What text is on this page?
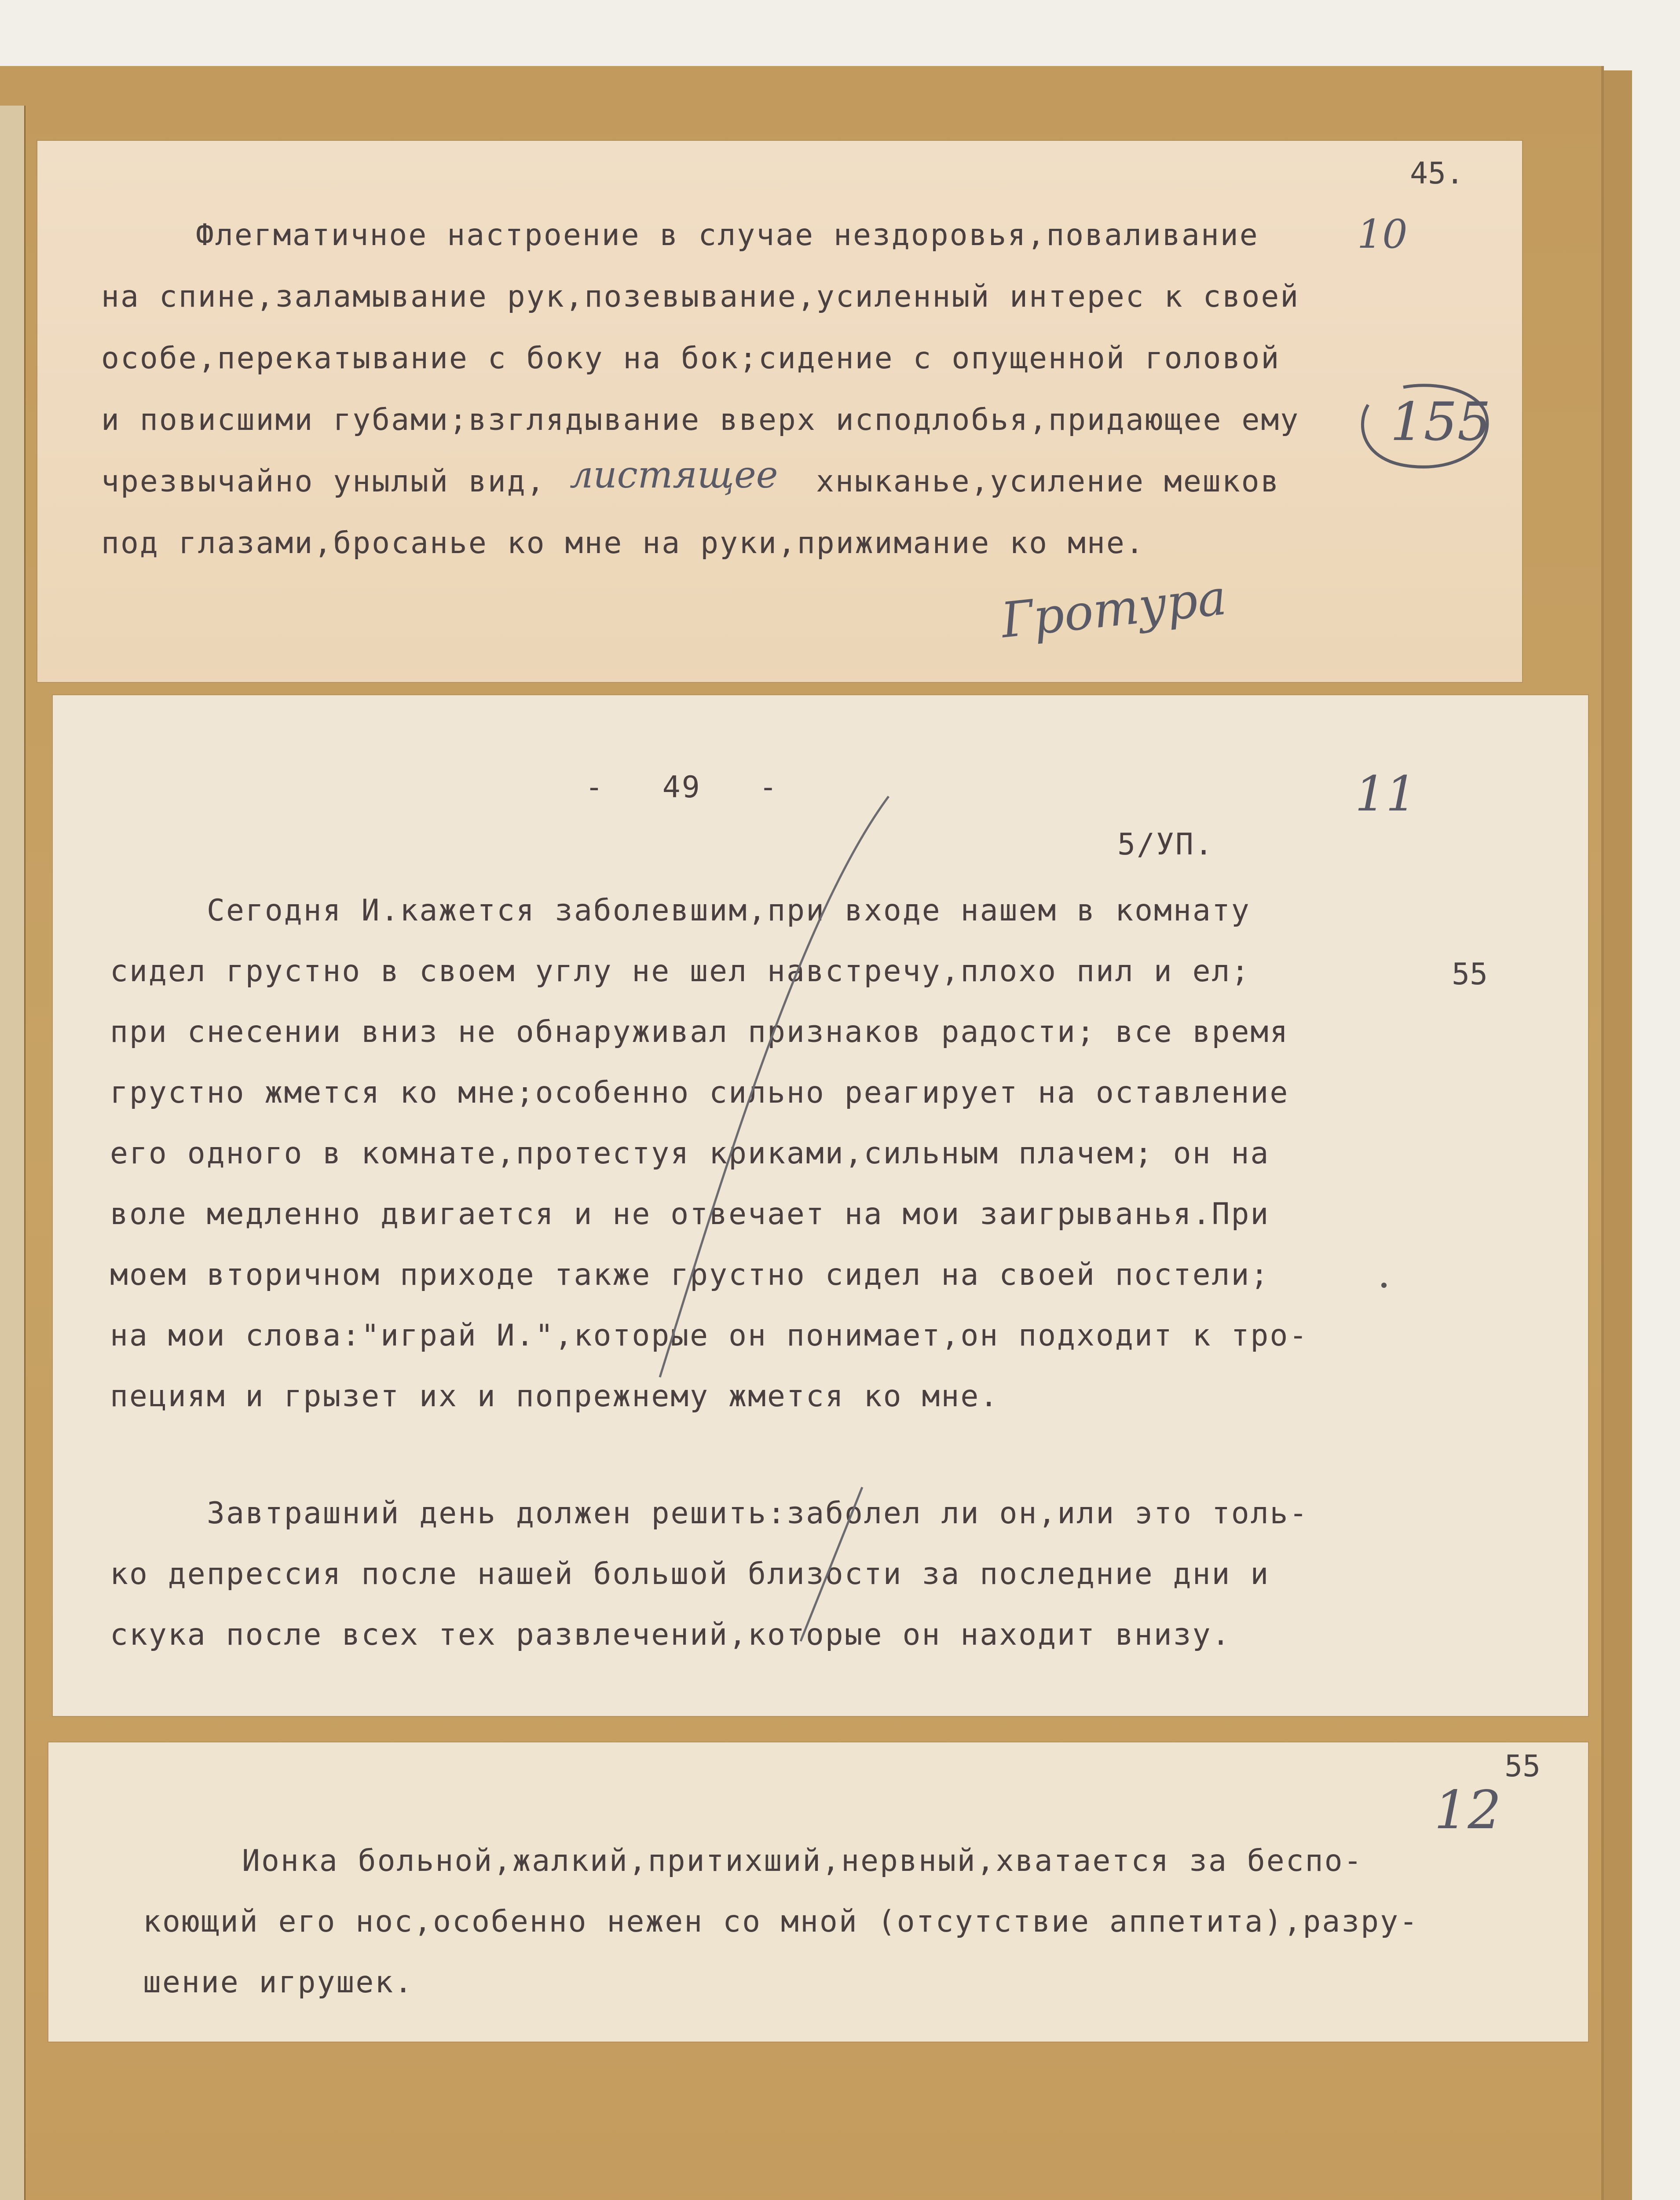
45.
10
Флегматичное настроение в случае нездоровья,поваливание
на спине,заламывание рук,позевывание,усиленный интерес к своей
особе,перекатывание с боку на бок;сидение с опущенной головой
и повисшими губами;взглядывание вверх исподлобья,придающее ему
чрезвычайно унылый вид, листящее хныканье,усиление мешков
под глазами,бросанье ко мне на руки,прижимание ко мне.
Гротура
155
-   49   -	11
5/УП.
55
Сегодня И.кажется заболевшим,при входе нашем в комнату
сидел грустно в своем углу не шел навстречу,плохо пил и ел;
при снесении вниз не обнаруживал признаков радости; все время
грустно жмется ко мне;особенно сильно реагирует на оставление
его одного в комнате,протестуя криками,сильным плачем; он на
воле медленно двигается и не отвечает на мои заигрыванья.При
моем вторичном приходе также грустно сидел на своей постели;
на мои слова:"играй И.",которые он понимает,он подходит к тро-
пециям и грызет их и попрежнему жмется ко мне.
Завтрашний день должен решить:заболел ли он,или это толь-
ко депрессия после нашей большой близости за последние дни и
скука после всех тех развлечений,которые он находит внизу.
55
12
Ионка больной,жалкий,притихший,нервный,хватается за беспо-
коющий его нос,особенно нежен со мной (отсутствие аппетита),разру-
шение игрушек.
